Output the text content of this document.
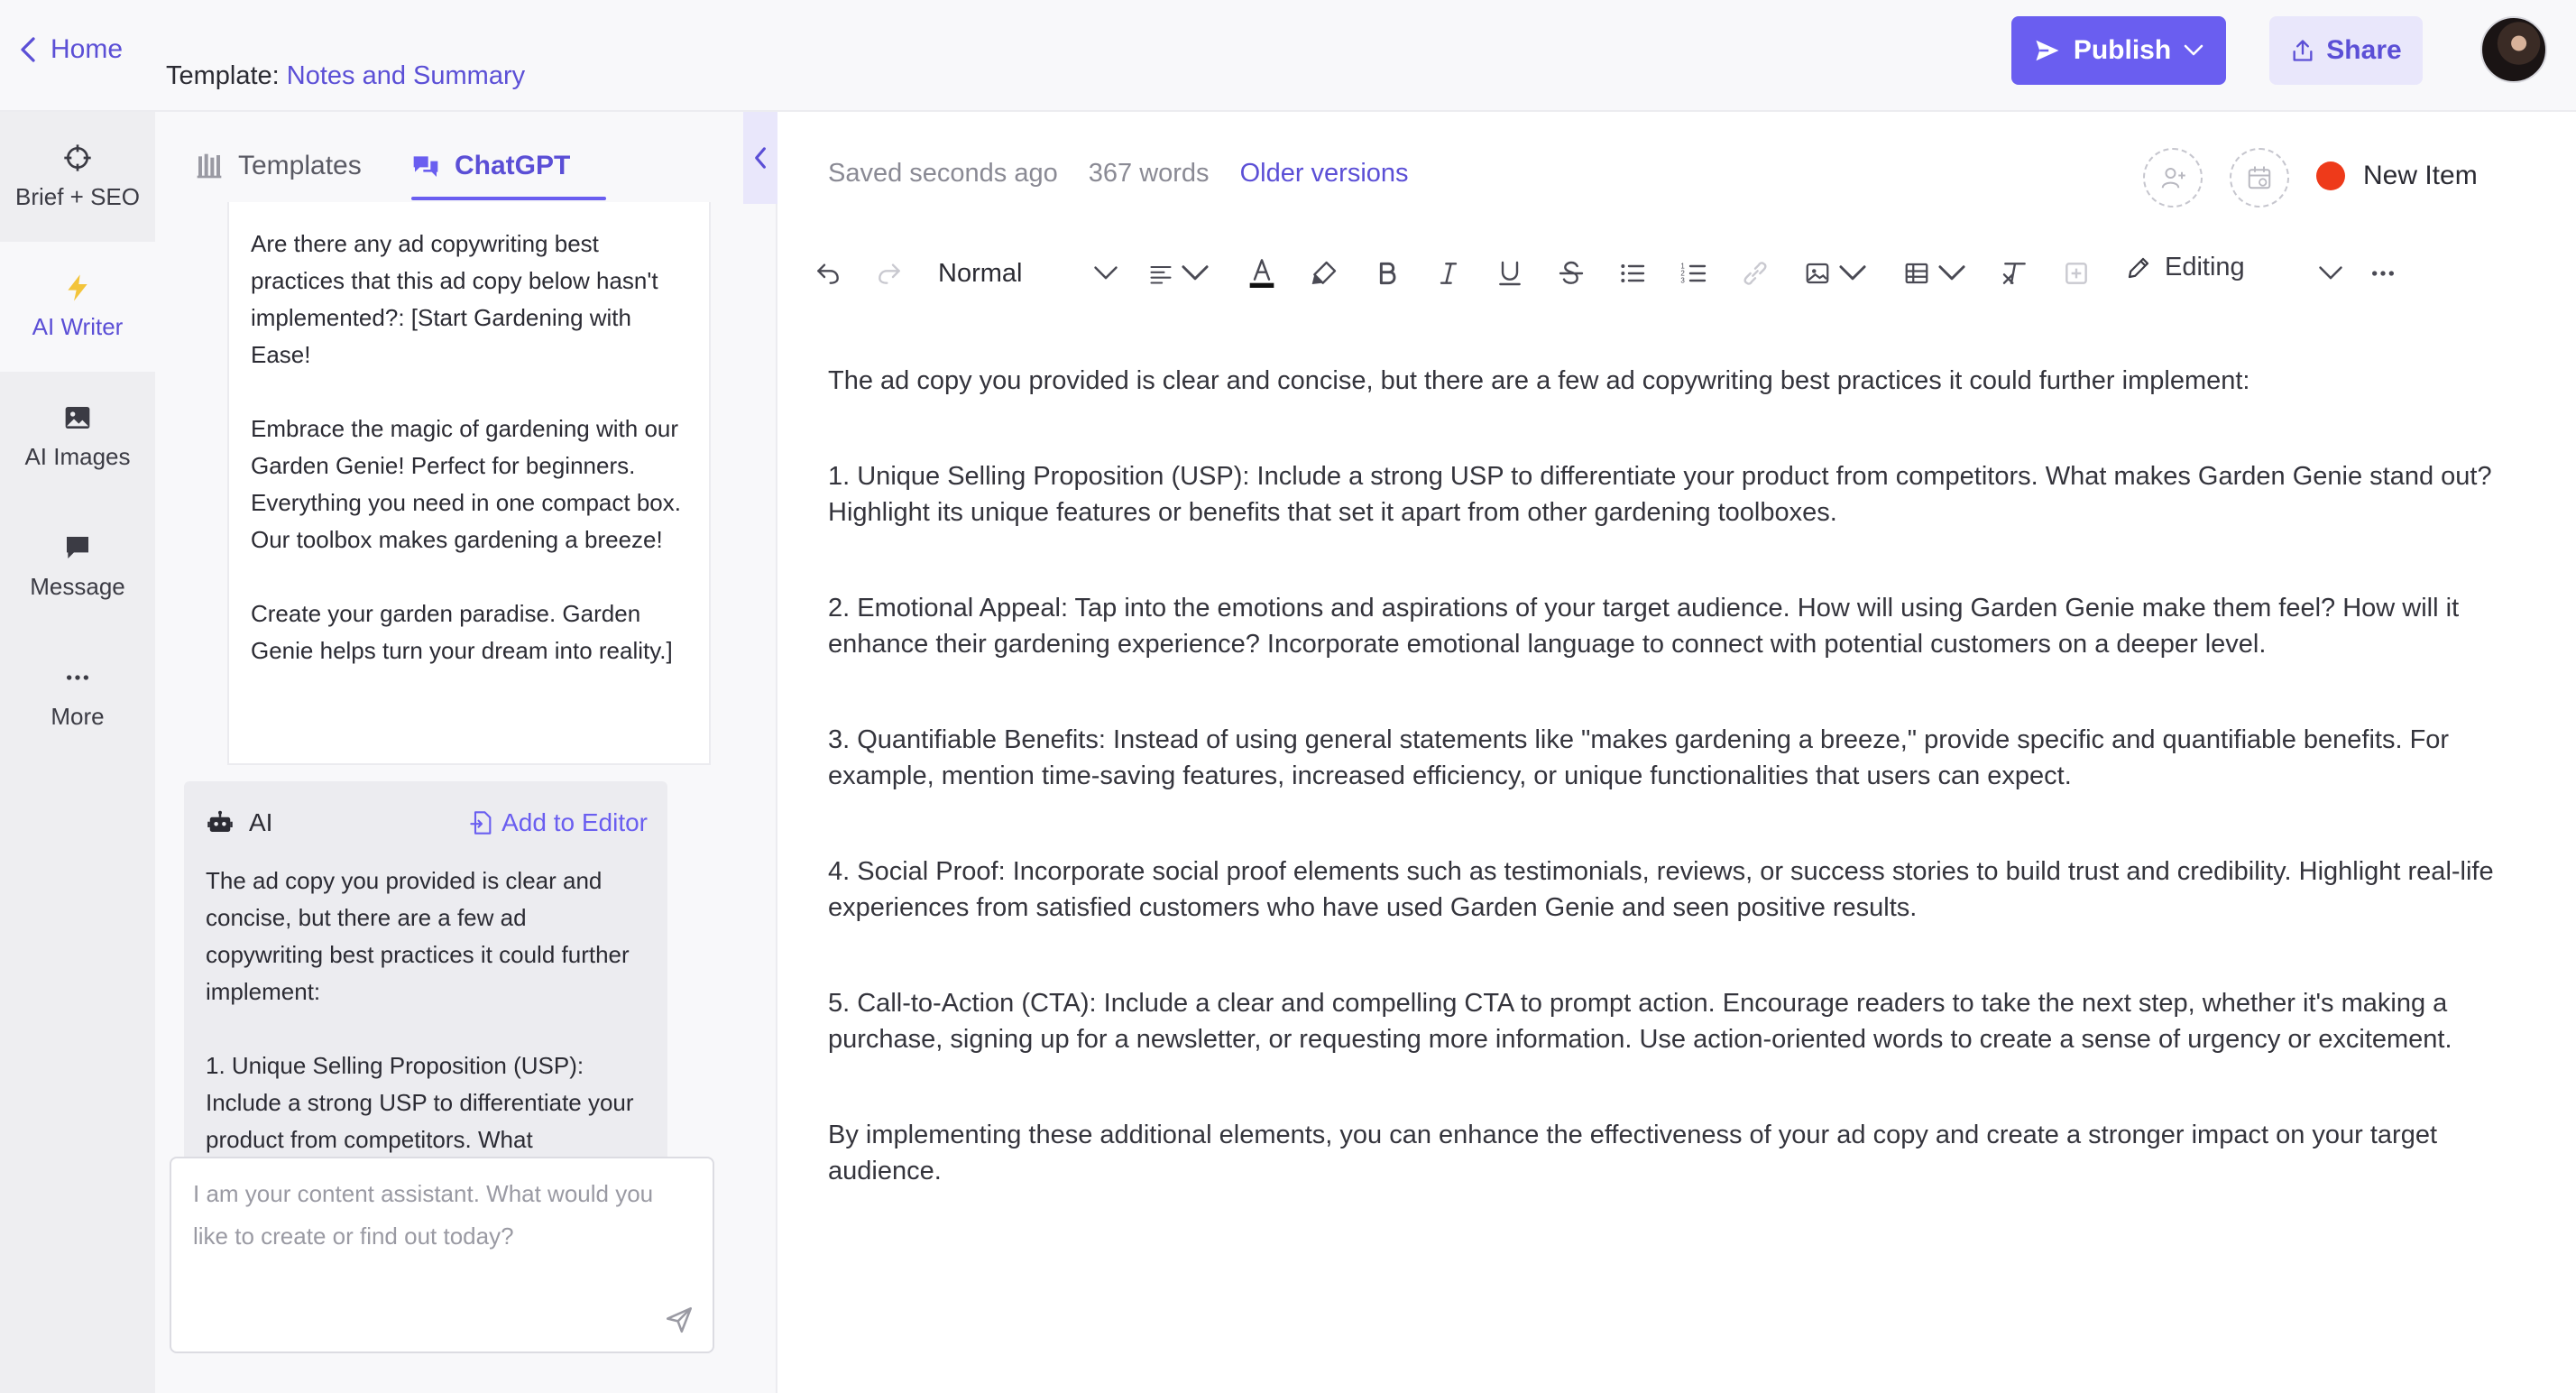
Home
Template: Notes and Summary
Publish	Share
Brief + SEO
AI Writer
AI Images
Message
More
Templates	ChatGPT

Are there any ad copywriting best practices that this ad copy below hasn't implemented?: [Start Gardening with Ease!

Embrace the magic of gardening with our Garden Genie! Perfect for beginners. Everything you need in one compact box. Our toolbox makes gardening a breeze!

Create your garden paradise. Garden Genie helps turn your dream into reality.]

AI	Add to Editor

The ad copy you provided is clear and concise, but there are a few ad copywriting best practices it could further implement:

1. Unique Selling Proposition (USP): Include a strong USP to differentiate your product from competitors. What

I am your content assistant. What would you like to create or find out today?
Saved seconds ago 367 words Older versions	New Item
Normal	1
2
3	Editing

The ad copy you provided is clear and concise, but there are a few ad copywriting best practices it could further implement:

1. Unique Selling Proposition (USP): Include a strong USP to differentiate your product from competitors. What makes Garden Genie stand out? Highlight its unique features or benefits that set it apart from other gardening toolboxes.

2. Emotional Appeal: Tap into the emotions and aspirations of your target audience. How will using Garden Genie make them feel? How will it enhance their gardening experience? Incorporate emotional language to connect with potential customers on a deeper level.

3. Quantifiable Benefits: Instead of using general statements like "makes gardening a breeze," provide specific and quantifiable benefits. For example, mention time-saving features, increased efficiency, or unique functionalities that users can expect.

4. Social Proof: Incorporate social proof elements such as testimonials, reviews, or success stories to build trust and credibility. Highlight real-life experiences from satisfied customers who have used Garden Genie and seen positive results.

5. Call-to-Action (CTA): Include a clear and compelling CTA to prompt action. Encourage readers to take the next step, whether it's making a purchase, signing up for a newsletter, or requesting more information. Use action-oriented words to create a sense of urgency or excitement.

By implementing these additional elements, you can enhance the effectiveness of your ad copy and create a stronger impact on your target audience.
